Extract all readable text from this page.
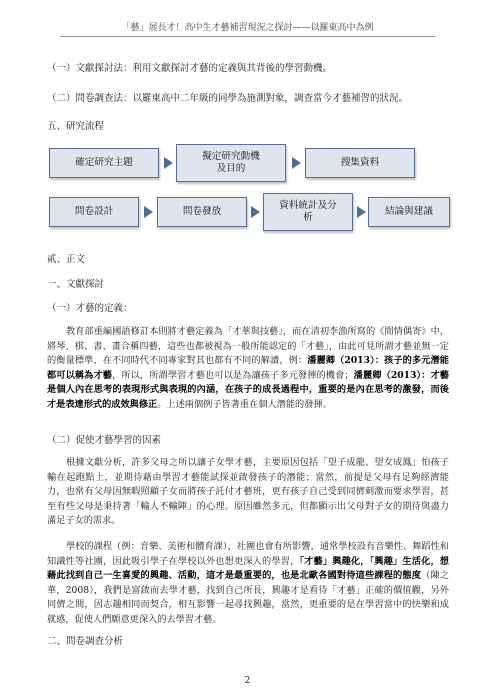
「藝」展長才！高中生才藝補習現況之探討——以羅東高中為例
（一）文獻探討法：利用文獻探討才藝的定義與其背後的學習動機。
（二）問卷調查法：以羅東高中二年級的同學為施測對象，調查當今才藝補習的狀況。
五、研究流程
確定研究主題
擬定研究動機
及目的
搜集資料
問卷設計	問卷發放
資料統計及分
析
結論與建議
貳、正文
一、文獻探討
（一）才藝的定義：
教育部重編國語修訂本則將才藝定義為「才華與技藝」，而在清初李漁所寫的《閒情偶寄》中，將琴、棋、書、畫合稱四藝，這些也都被視為一般所能認定的「才藝」，由此可見所謂才藝並無一定的衡量標準，在不同時代不同專家對其也都有不同的解讀，例：潘麗卿（2013）：孩子的多元潛能都可以稱為才藝，所以，所謂學習才藝也可以是為讓孩子多元發揮的機會；潘麗卿（2013）：才藝是個人內在思考的表現形式與表現的內涵，在孩子的成長過程中，重要的是內在思考的激發，而後才是表達形式的成效與修正。上述兩個例子皆著重在個人潛能的發揮。
（二）促使才藝學習的因素
根據文獻分析，許多父母之所以讓子女學才藝，主要原因包括「望子成龍、望女成鳳」怕孩子輸在起跑點上，並期待藉由學習才藝能試探並啟發孩子的潛能；當然，前提是父母有足夠經濟能力，也常有父母因無暇照顧子女而將孩子託付才藝班，更有孩子自己受到同儕刺激而要求學習，甚至有些父母是秉持著「輸人不輸陣」的心理。原因雖然多元，但都顯示出父母對子女的期待與盡力滿足子女的需求。
學校的課程（例：音樂、美術和體育課），社團也會有所影響，通常學校設有音樂性、舞蹈性和知識性等社團，因此吸引學子在學校以外也想更深入的學習，「才藝」興趣化，「興趣」生活化，想藉此找到自己一生喜愛的興趣、活動，這才是最重要的，也是北歐各國對待這些課程的態度（陳之華，2008），我們是富啟而去學才藝，找到自己所長，興趣才是看待「才藝」正確的價值觀，另外同儕之間，因志趣相同而契合，相互影響一起尋找興趣，當然，更重要的是在學習當中的快樂和成就感，促使人們願意更深入的去學習才藝。
二、問卷調查分析
2
